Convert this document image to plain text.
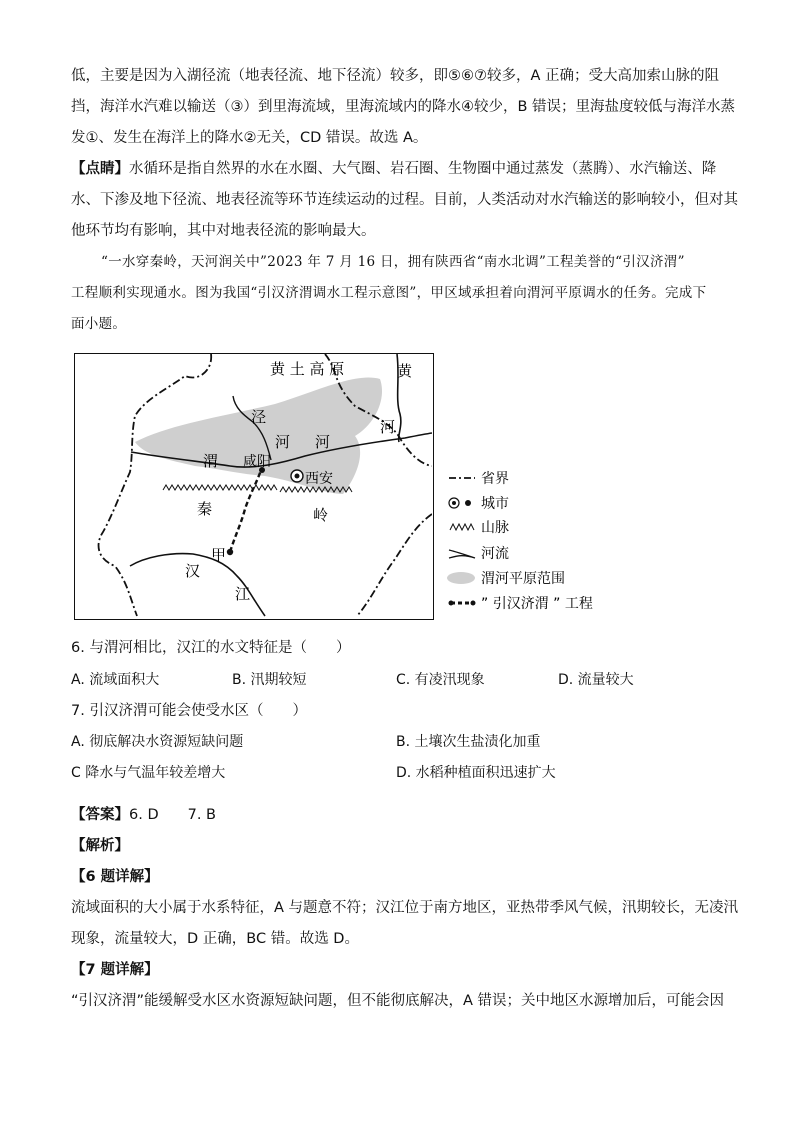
低，主要是因为入湖径流（地表径流、地下径流）较多，即⑤⑥⑦较多，A 正确；受大高加索山脉的阻
挡，海洋水汽难以输送（③）到里海流域，里海流域内的降水④较少，B 错误；里海盐度较低与海洋水蒸
发①、发生在海洋上的降水②无关，CD 错误。故选 A。
【点睛】水循环是指自然界的水在水圈、大气圈、岩石圈、生物圈中通过蒸发（蒸腾）、水汽输送、降
水、下渗及地下径流、地表径流等环节连续运动的过程。目前，人类活动对水汽输送的影响较小，但对其
他环节均有影响，其中对地表径流的影响最大。
“一水穿秦岭，天河润关中”2023 年 7 月 16 日，拥有陕西省“南水北调”工程美誉的“引汉济渭”
工程顺利实现通水。图为我国“引汉济渭调水工程示意图”，甲区域承担着向渭河平原调水的任务。完成下
面小题。
黄 土 高 原	黄
河
泾
河 河
渭 咸阳
西安
秦	岭
甲
汉
江
省界
城市
山脉
河流
渭河平原范围
” 引汉济渭 ” 工程
6. 与渭河相比，汉江的水文特征是（　　）
A. 流域面积大	B. 汛期较短	C. 有凌汛现象	D. 流量较大
7. 引汉济渭可能会使受水区（　　）
A. 彻底解决水资源短缺问题	B. 土壤次生盐渍化加重
C 降水与气温年较差增大	D. 水稻种植面积迅速扩大
【答案】6. D　　7. B
【解析】
【6 题详解】
流域面积的大小属于水系特征，A 与题意不符；汉江位于南方地区，亚热带季风气候，汛期较长，无凌汛
现象，流量较大，D 正确，BC 错。故选 D。
【7 题详解】
“引汉济渭”能缓解受水区水资源短缺问题，但不能彻底解决，A 错误；关中地区水源增加后，可能会因
